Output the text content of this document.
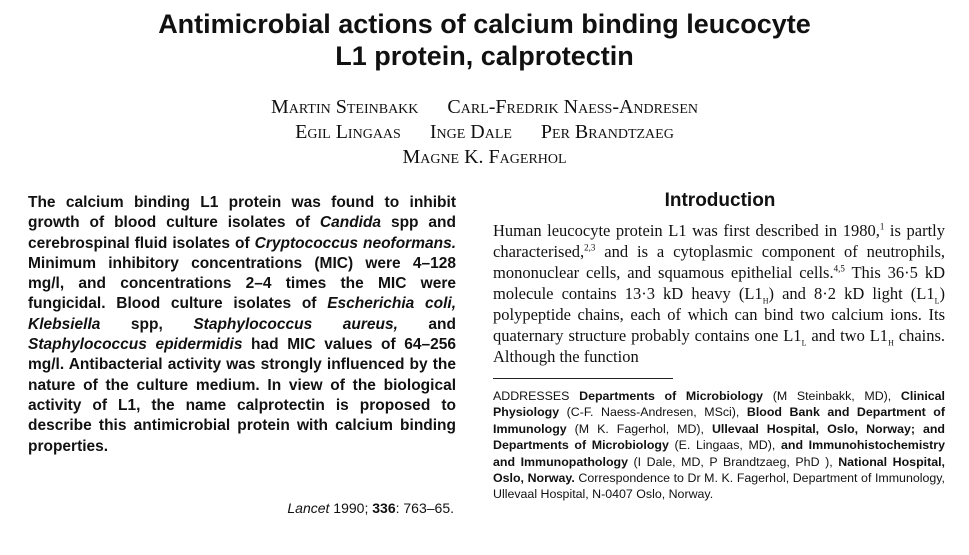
Antimicrobial actions of calcium binding leucocyte
L1 protein, calprotectin
Martin Steinbakk Carl-Fredrik Naess-Andresen
Egil Lingaas Inge Dale Per Brandtzaeg
Magne K. Fagerhol

The calcium binding L1 protein was found to inhibit growth of blood culture isolates of Candida spp and cerebrospinal fluid isolates of Cryptococcus neoformans. Minimum inhibitory concentrations (MIC) were 4–128 mg/l, and concentrations 2–4 times the MIC were fungicidal. Blood culture isolates of Escherichia coli, Klebsiella spp, Staphylococcus aureus, and Staphylococcus epidermidis had MIC values of 64–256 mg/l. Antibacterial activity was strongly influenced by the nature of the culture medium. In view of the biological activity of L1, the name calprotectin is proposed to describe this antimicrobial protein with calcium binding properties.

Lancet 1990; 336: 763–65.
Introduction

Human leucocyte protein L1 was first described in 1980,$^1$ is partly characterised,$^{2,3}$ and is a cytoplasmic component of neutrophils, mononuclear cells, and squamous epithelial cells.$^{4,5}$ This 36·5 kD molecule contains 13·3 kD heavy $(L1_H)$ and 8·2 kD light $(L1_L)$ polypeptide chains, each of which can bind two calcium ions. Its quaternary structure probably contains one $L1_L$ and two $L1_H$ chains. Although the function

ADDRESSES Departments of Microbiology (M Steinbakk, MD), Clinical Physiology (C-F. Naess-Andresen, MSci), Blood Bank and Department of Immunology (M K. Fagerhol, MD), Ullevaal Hospital, Oslo, Norway; and Departments of Microbiology (E. Lingaas, MD), and Immunohistochemistry and Immunopathology (I Dale, MD, P Brandtzaeg, PhD ), National Hospital, Oslo, Norway. Correspondence to Dr M. K. Fagerhol, Department of Immunology, Ullevaal Hospital, N-0407 Oslo, Norway.
